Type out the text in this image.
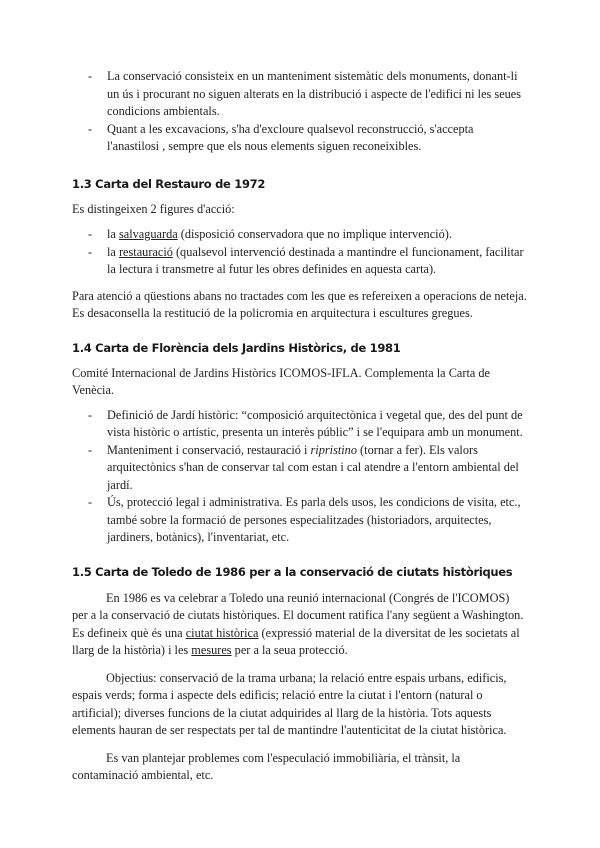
- La conservació consisteix en un manteniment sistemàtic dels monuments, donant-li un ús i procurant no siguen alterats en la distribució i aspecte de l'edifici ni les seues condicions ambientals.
- Quant a les excavacions, s'ha d'excloure qualsevol reconstrucció, s'accepta l'anastilosi , sempre que els nous elements siguen reconeixibles.
1.3 Carta del Restauro de 1972

Es distingeixen 2 figures d'acció:

- la salvaguarda (disposició conservadora que no implique intervenció).
- la restauració (qualsevol intervenció destinada a mantindre el funcionament, facilitar la lectura i transmetre al futur les obres definides en aquesta carta).

Para atenció a qüestions abans no tractades com les que es refereixen a operacions de neteja. Es desaconsella la restitució de la policromia en arquitectura i escultures gregues.

1.4 Carta de Florència dels Jardins Històrics, de 1981

Comité Internacional de Jardins Històrics ICOMOS-IFLA. Complementa la Carta de Venècia.

- Definició de Jardí històric: “composició arquitectònica i vegetal que, des del punt de vista històric o artístic, presenta un interès públic” i se l'equipara amb un monument.
- Manteniment i conservació, restauració i ripristino (tornar a fer). Els valors arquitectònics s'han de conservar tal com estan i cal atendre a l'entorn ambiental del jardí.
- Ús, protecció legal i administrativa. Es parla dels usos, les condicions de visita, etc., també sobre la formació de persones especialitzades (historiadors, arquitectes, jardiners, botànics), l'inventariat, etc.
1.5 Carta de Toledo de 1986 per a la conservació de ciutats històriques

En 1986 es va celebrar a Toledo una reunió internacional (Congrés de l'ICOMOS) per a la conservació de ciutats històriques. El document ratifica l'any següent a Washington. Es defineix què és una ciutat històrica (expressió material de la diversitat de les societats al llarg de la història) i les mesures per a la seua protecció.

Objectius: conservació de la trama urbana; la relació entre espais urbans, edificis, espais verds; forma i aspecte dels edificis; relació entre la ciutat i l'entorn (natural o artificial); diverses funcions de la ciutat adquirides al llarg de la història. Tots aquests elements hauran de ser respectats per tal de mantindre l'autenticitat de la ciutat històrica.

Es van plantejar problemes com l'especulació immobiliària, el trànsit, la contaminació ambiental, etc.
